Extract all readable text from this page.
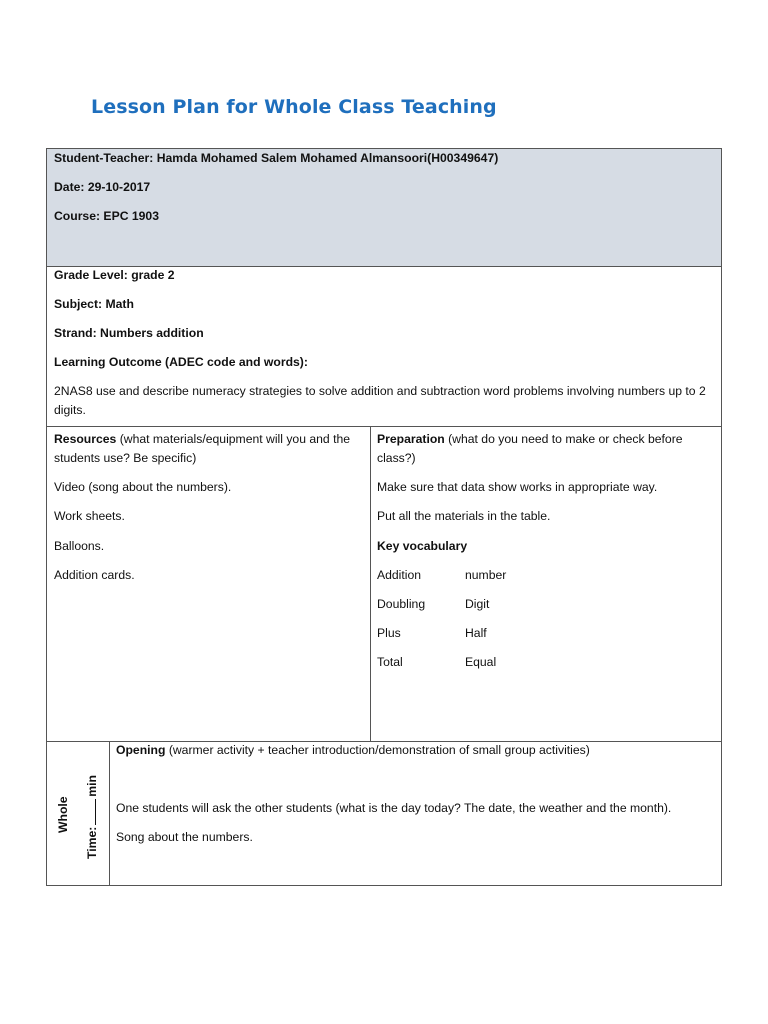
Lesson Plan for Whole Class Teaching
Student-Teacher: Hamda Mohamed Salem Mohamed Almansoori(H00349647)
Date: 29-10-2017
Course: EPC 1903
Grade Level: grade 2
Subject: Math
Strand: Numbers addition
Learning Outcome (ADEC code and words):
2NAS8 use and describe numeracy strategies to solve addition and subtraction word problems involving numbers up to 2 digits.
Resources (what materials/equipment will you and the students use? Be specific)
Video (song about the numbers).
Work sheets.
Balloons.
Addition cards.
Preparation (what do you need to make or check before class?)
Make sure that data show works in appropriate way.
Put all the materials in the table.
Key vocabulary
Addition	number
Doubling	Digit
Plus	Half
Total	Equal
Whole
Time:min
Opening (warmer activity + teacher introduction/demonstration of small group activities)
One students will ask the other students (what is the day today? The date, the weather and the month).
Song about the numbers.
